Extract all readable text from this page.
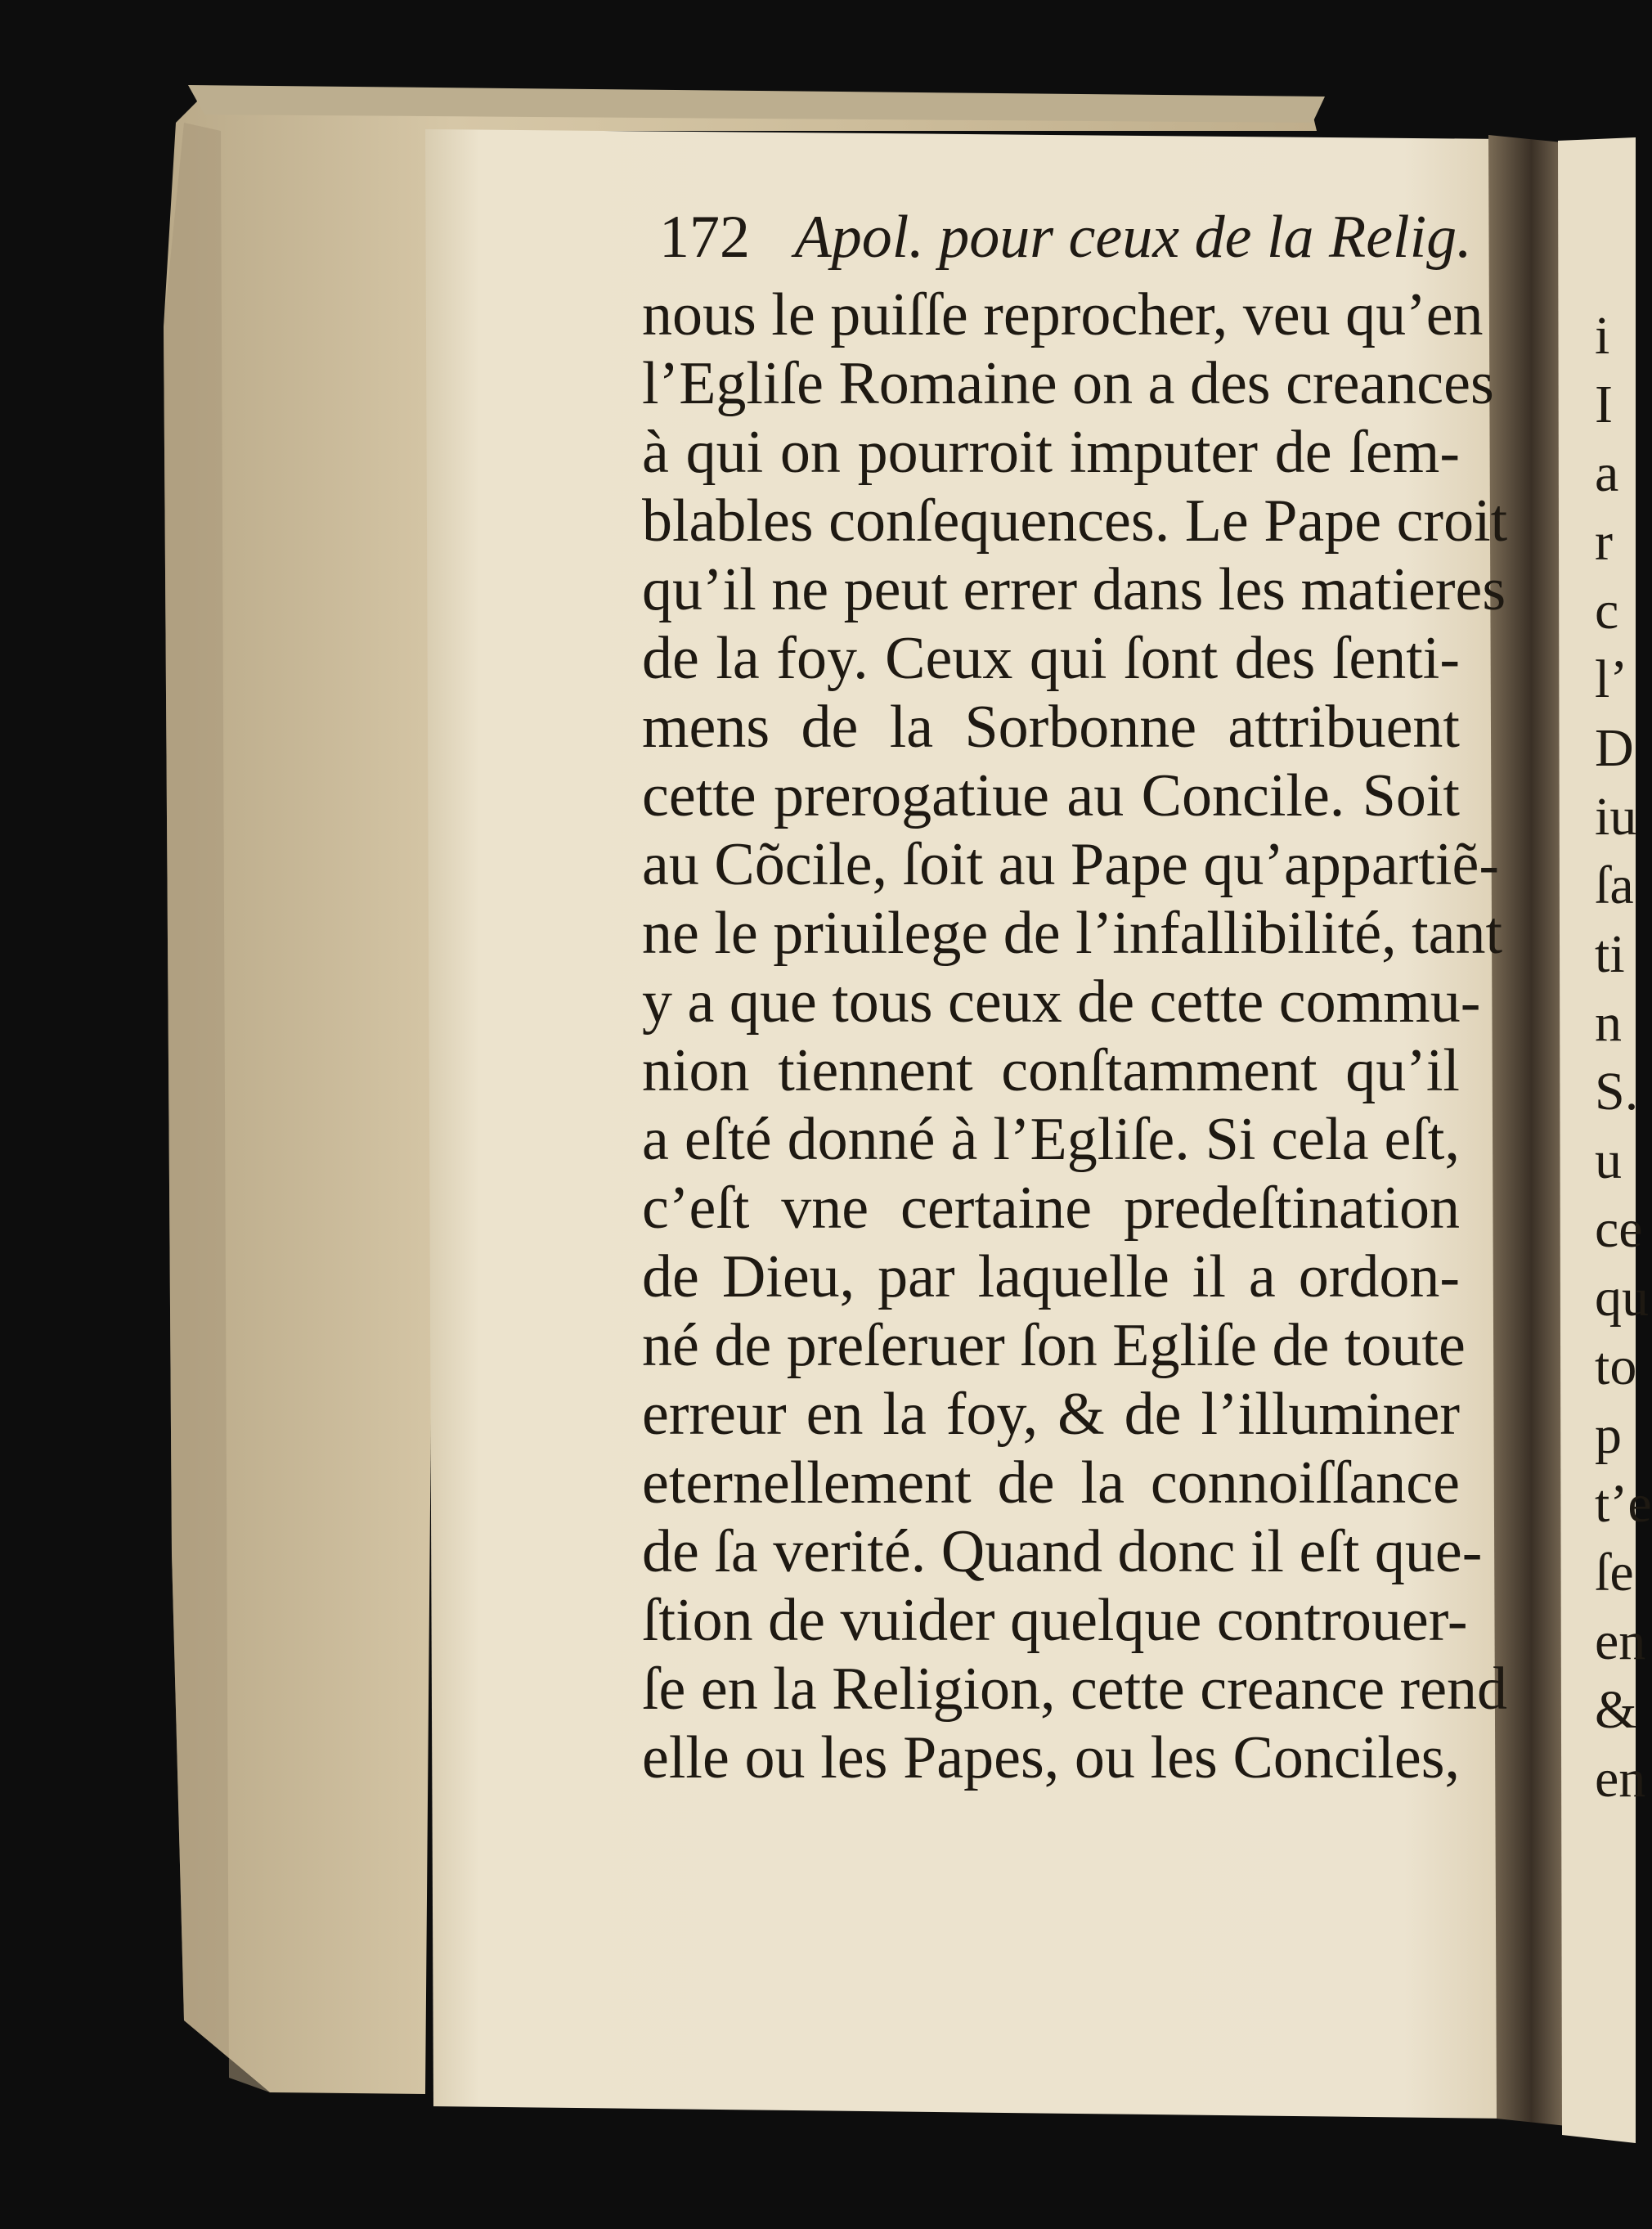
172 Apol. pour ceux de la Relig.
nous le puiſſe reprocher, veu qu’en
l’Egliſe Romaine on a des creances
à qui on pourroit imputer de ſem-
blables conſequences. Le Pape croit
qu’il ne peut errer dans les matieres
de la foy. Ceux qui ſont des ſenti-
mens de la Sorbonne attribuent
cette prerogatiue au Concile. Soit
au Cõcile, ſoit au Pape qu’appartiẽ-
ne le priuilege de l’infallibilité, tant
y a que tous ceux de cette commu-
nion tiennent conſtamment qu’il
a eſté donné à l’Egliſe. Si cela eſt,
c’eſt vne certaine predeſtination
de Dieu, par laquelle il a ordon-
né de preſeruer ſon Egliſe de toute
erreur en la foy, & de l’illuminer
eternellement de la connoiſſance
de ſa verité. Quand donc il eſt que-
ſtion de vuider quelque controuer-
ſe en la Religion, cette creance rend
elle ou les Papes, ou les Conciles,
i
I
a
r
c
l’
D
iu
ſa
ti
n
S.
u
ce
qu
to
p
t’e
ſe
en
&
en
